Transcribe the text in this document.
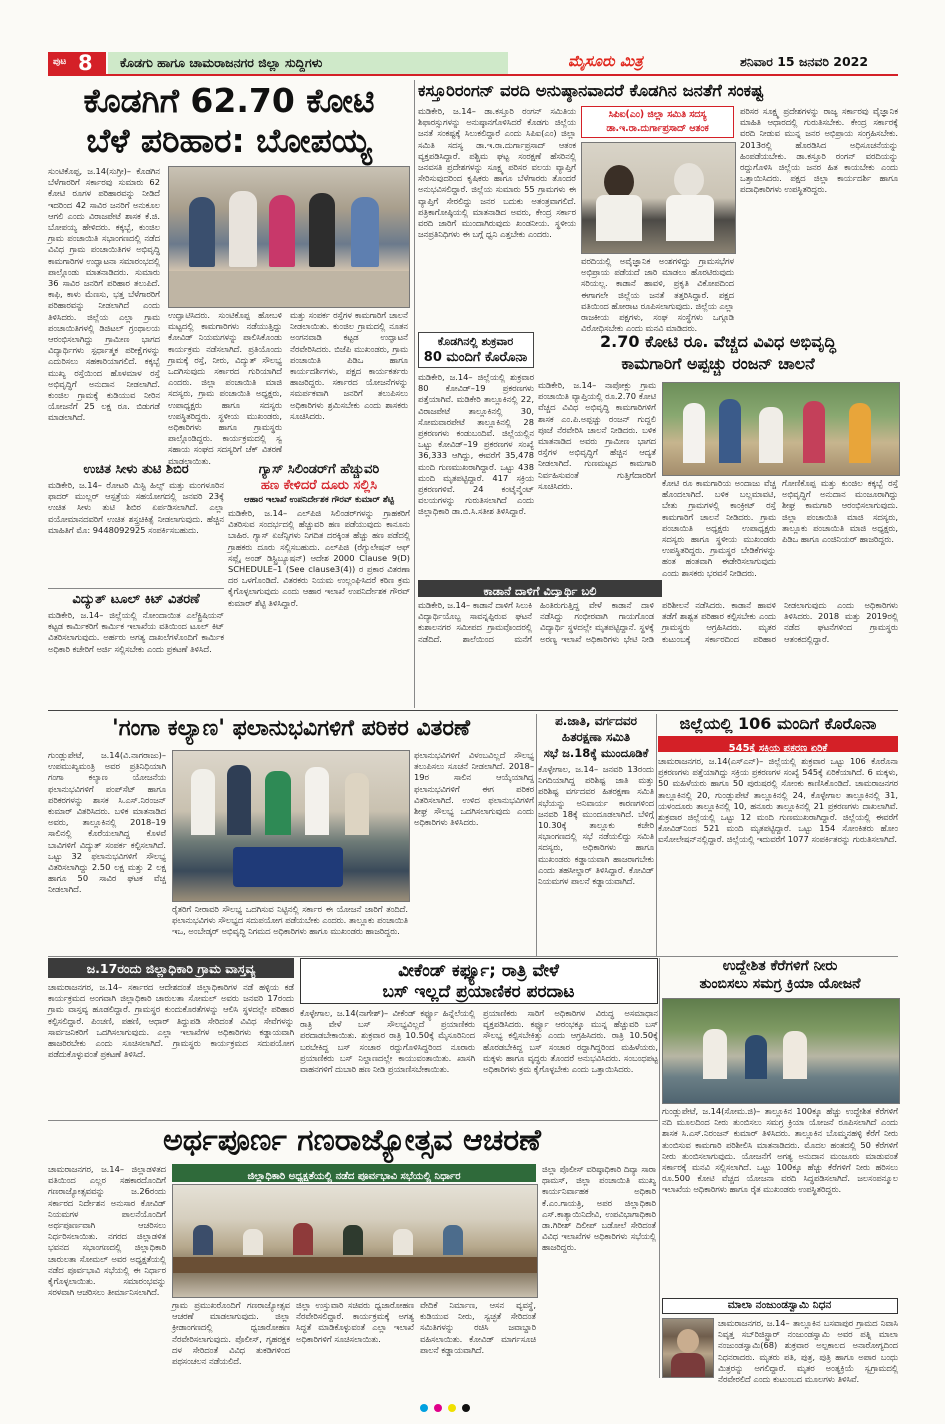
ಪುಟ 8 ಕೊಡಗು ಹಾಗೂ ಚಾಮರಾಜನಗರ ಜಿಲ್ಲಾ ಸುದ್ದಿಗಳು	ಮೈಸೂರು ಮಿತ್ರ	ಶನಿವಾರ 15 ಜನವರಿ 2022
ಕೊಡಗಿಗೆ 62.70 ಕೋಟಿ
ಬೆಳೆ ಪರಿಹಾರ: ಬೋಪಯ್ಯ
ಸುಂಟಿಕೊಪ್ಪ, ಜ.14(ಸುಗ್ರೀ)– ಕೊಡಗಿನ ಬೆಳೆಗಾರರಿಗೆ ಸರ್ಕಾರವು ಸುಮಾರು 62 ಕೋಟಿ ರೂಗಳ ಪರಿಹಾರವನ್ನು ನೀಡಿದೆ ಇದರಿಂದ 42 ಸಾವಿರ ಜನರಿಗೆ ಅನುಕೂಲ ಆಗಲಿ ಎಂದು ವಿರಾಜಪೇಟೆ ಶಾಸಕ ಕೆ.ಜಿ. ಬೋಪಯ್ಯ ಹೇಳಿದರು. ಕಕ್ಕಬ್ಬೆ, ಕುಂಜಿಲ ಗ್ರಾಮ ಪಂಚಾಯಿತಿ ಸಭಾಂಗಣದಲ್ಲಿ ನಡೆದ ವಿವಿಧ ಗ್ರಾಮ ಪಂಚಾಯಿತಿಗಳ ಅಭಿವೃದ್ಧಿ ಕಾಮಗಾರಿಗಳ ಉದ್ಘಾಟನಾ ಸಮಾರಂಭದಲ್ಲಿ ಪಾಲ್ಗೊಂಡು ಮಾತನಾಡಿದರು. ಸುಮಾರು 36 ಸಾವಿರ ಜನರಿಗೆ ಪರಿಹಾರ ತಲುಪಿದೆ. ಕಾಫಿ, ಕಾಳು ಮೆಣಸು, ಭತ್ತ ಬೆಳೆಗಾರರಿಗೆ ಪರಿಹಾರವನ್ನು ನೀಡಲಾಗಿದೆ ಎಂದು ತಿಳಿಸಿದರು. ಜಿಲ್ಲೆಯ ಎಲ್ಲಾ ಗ್ರಾಮ ಪಂಚಾಯಿತಿಗಳಲ್ಲಿ ಡಿಜಿಟಲ್ ಗ್ರಂಥಾಲಯ ಆರಂಭಿಸಲಾಗಿದ್ದು ಗ್ರಾಮೀಣ ಭಾಗದ ವಿದ್ಯಾರ್ಥಿಗಳು ಸ್ಪರ್ಧಾತ್ಮಕ ಪರೀಕ್ಷೆಗಳನ್ನು ಎದುರಿಸಲು ಸಹಕಾರಿಯಾಗಲಿದೆ. ಕಕ್ಕಬ್ಬೆ ಮುಖ್ಯ ರಸ್ತೆಯಿಂದ ಹೊಳಮಾಳ ರಸ್ತೆ ಅಭಿವೃದ್ಧಿಗೆ ಅನುದಾನ ನೀಡಲಾಗಿದೆ. ಕುಂಜಿಲ ಗ್ರಾಮಕ್ಕೆ ಕುಡಿಯುವ ನೀರಿನ ಯೋಜನೆಗೆ 25 ಲಕ್ಷ ರೂ. ಬಿಡುಗಡೆ ಮಾಡಲಾಗಿದೆ.
ಉದ್ಘಾಟಿಸಿದರು. ಸುಂಟಿಕೊಪ್ಪ ಹೋಬಳಿ ಮಟ್ಟದಲ್ಲಿ ಕಾಮಗಾರಿಗಳು ನಡೆಯುತ್ತಿದ್ದು ಕೋವಿಡ್ ನಿಯಮಗಳನ್ನು ಪಾಲಿಸಿಕೊಂಡು ಕಾರ್ಯಕ್ರಮ ನಡೆಸಲಾಗಿದೆ. ಪ್ರತಿಯೊಂದು ಗ್ರಾಮಕ್ಕೆ ರಸ್ತೆ, ನೀರು, ವಿದ್ಯುತ್ ಸೌಲಭ್ಯ ಒದಗಿಸುವುದು ಸರ್ಕಾರದ ಗುರಿಯಾಗಿದೆ ಎಂದರು. ಜಿಲ್ಲಾ ಪಂಚಾಯಿತಿ ಮಾಜಿ ಸದಸ್ಯರು, ಗ್ರಾಮ ಪಂಚಾಯಿತಿ ಅಧ್ಯಕ್ಷರು, ಉಪಾಧ್ಯಕ್ಷರು ಹಾಗೂ ಸದಸ್ಯರು ಉಪಸ್ಥಿತರಿದ್ದರು. ಸ್ಥಳೀಯ ಮುಖಂಡರು, ಅಧಿಕಾರಿಗಳು ಹಾಗೂ ಗ್ರಾಮಸ್ಥರು ಪಾಲ್ಗೊಂಡಿದ್ದರು. ಕಾರ್ಯಕ್ರಮದಲ್ಲಿ ಸ್ವ ಸಹಾಯ ಸಂಘದ ಸದಸ್ಯರಿಗೆ ಚೆಕ್ ವಿತರಣೆ ಮಾಡಲಾಯಿತು.
ಮತ್ತು ಸಂಪರ್ಕ ರಸ್ತೆಗಳ ಕಾಮಗಾರಿಗೆ ಚಾಲನೆ ನೀಡಲಾಯಿತು. ಕುಂಜಿಲ ಗ್ರಾಮದಲ್ಲಿ ನೂತನ ಅಂಗನವಾಡಿ ಕಟ್ಟಡ ಉದ್ಘಾಟನೆ ನೆರವೇರಿಸಿದರು. ಬಿಜೆಪಿ ಮುಖಂಡರು, ಗ್ರಾಮ ಪಂಚಾಯಿತಿ ಪಿಡಿಒ ಹಾಗೂ ಕಾರ್ಯದರ್ಶಿಗಳು, ಪಕ್ಷದ ಕಾರ್ಯಕರ್ತರು ಹಾಜರಿದ್ದರು. ಸರ್ಕಾರದ ಯೋಜನೆಗಳನ್ನು ಸಮರ್ಪಕವಾಗಿ ಜನರಿಗೆ ತಲುಪಿಸಲು ಅಧಿಕಾರಿಗಳು ಶ್ರಮಿಸಬೇಕು ಎಂದು ಶಾಸಕರು ಸೂಚಿಸಿದರು.
ಉಚಿತ ಸೀಳು ತುಟಿ ಶಿಬಿರ
ಮಡಿಕೇರಿ, ಜ.14– ರೋಟರಿ ಮಿಸ್ಟಿ ಹಿಲ್ಸ್ ಮತ್ತು ಮಂಗಳೂರಿನ ಫಾದರ್ ಮುಲ್ಲರ್ ಆಸ್ಪತ್ರೆಯ ಸಹಯೋಗದಲ್ಲಿ ಜನವರಿ 23ಕ್ಕೆ ಉಚಿತ ಸೀಳು ತುಟಿ ಶಿಬಿರ ಏರ್ಪಡಿಸಲಾಗಿದೆ. ಎಲ್ಲಾ ವಯೋಮಾನದವರಿಗೆ ಉಚಿತ ಶಸ್ತ್ರಚಿಕಿತ್ಸೆ ನೀಡಲಾಗುವುದು. ಹೆಚ್ಚಿನ ಮಾಹಿತಿಗೆ ಮೊ: 9448092925 ಸಂಪರ್ಕಿಸಬಹುದು.
ವಿದ್ಯುತ್ ಟೂಲ್ ಕಿಟ್ ವಿತರಣೆ
ಮಡಿಕೇರಿ, ಜ.14– ಜಿಲ್ಲೆಯಲ್ಲಿ ನೋಂದಾಯಿತ ಎಲೆಕ್ಟ್ರಿಷಿಯನ್ ಕಟ್ಟಡ ಕಾರ್ಮಿಕರಿಗೆ ಕಾರ್ಮಿಕ ಇಲಾಖೆಯ ವತಿಯಿಂದ ಟೂಲ್ ಕಿಟ್ ವಿತರಿಸಲಾಗುವುದು. ಅರ್ಹರು ಅಗತ್ಯ ದಾಖಲೆಗಳೊಂದಿಗೆ ಕಾರ್ಮಿಕ ಅಧಿಕಾರಿ ಕಚೇರಿಗೆ ಅರ್ಜಿ ಸಲ್ಲಿಸಬೇಕು ಎಂದು ಪ್ರಕಟಣೆ ತಿಳಿಸಿದೆ.
ಗ್ಯಾಸ್ ಸಿಲಿಂಡರ್‌ಗೆ ಹೆಚ್ಚುವರಿ
ಹಣ ಕೇಳಿದರೆ ದೂರು ಸಲ್ಲಿಸಿ
ಆಹಾರ ಇಲಾಖೆ ಉಪನಿರ್ದೇಶಕ ಗೌರವ್ ಕುಮಾರ್ ಶೆಟ್ಟಿ
ಮಡಿಕೇರಿ, ಜ.14– ಎಲ್‌ಪಿಜಿ ಸಿಲಿಂಡರ್‌ಗಳನ್ನು ಗ್ರಾಹಕರಿಗೆ ವಿತರಿಸುವ ಸಂದರ್ಭದಲ್ಲಿ ಹೆಚ್ಚುವರಿ ಹಣ ಪಡೆಯುವುದು ಕಾನೂನು ಬಾಹಿರ. ಗ್ಯಾಸ್ ಏಜೆನ್ಸಿಗಳು ನಿಗದಿತ ದರಕ್ಕಿಂತ ಹೆಚ್ಚು ಹಣ ಪಡೆದಲ್ಲಿ ಗ್ರಾಹಕರು ದೂರು ಸಲ್ಲಿಸಬಹುದು. ಎಲ್‌ಪಿಜಿ (ರೆಗ್ಯುಲೇಷನ್ ಆಫ್ ಸಪ್ಲೈ ಅಂಡ್ ಡಿಸ್ಟ್ರಿಬ್ಯೂಷನ್) ಆದೇಶ 2000 Clause 9(D) SCHEDULE–1 (See clause3(4)) ರ ಪ್ರಕಾರ ವಿತರಣಾ ದರ ಒಳಗೊಂಡಿದೆ. ವಿತರಕರು ನಿಯಮ ಉಲ್ಲಂಘಿಸಿದರೆ ಕಠಿಣ ಕ್ರಮ ಕೈಗೊಳ್ಳಲಾಗುವುದು ಎಂದು ಆಹಾರ ಇಲಾಖೆ ಉಪನಿರ್ದೇಶಕ ಗೌರವ್ ಕುಮಾರ್ ಶೆಟ್ಟಿ ತಿಳಿಸಿದ್ದಾರೆ.
ಕಸ್ತೂರಿರಂಗನ್ ವರದಿ ಅನುಷ್ಠಾನವಾದರೆ ಕೊಡಗಿನ ಜನತೆಗೆ ಸಂಕಷ್ಟ
ಮಡಿಕೇರಿ, ಜ.14– ಡಾ.ಕಸ್ತೂರಿ ರಂಗನ್ ಸಮಿತಿಯ ಶಿಫಾರಸ್ಸುಗಳನ್ನು ಅನುಷ್ಠಾನಗೊಳಿಸಿದರೆ ಕೊಡಗು ಜಿಲ್ಲೆಯ ಜನತೆ ಸಂಕಷ್ಟಕ್ಕೆ ಸಿಲುಕಲಿದ್ದಾರೆ ಎಂದು ಸಿಪಿಐ(ಎಂ) ಜಿಲ್ಲಾ ಸಮಿತಿ ಸದಸ್ಯ ಡಾ.ಇ.ರಾ.ದುರ್ಗಾಪ್ರಸಾದ್ ಆತಂಕ ವ್ಯಕ್ತಪಡಿಸಿದ್ದಾರೆ. ಪಶ್ಚಿಮ ಘಟ್ಟ ಸಂರಕ್ಷಣೆ ಹೆಸರಿನಲ್ಲಿ ಜನವಸತಿ ಪ್ರದೇಶಗಳನ್ನು ಸೂಕ್ಷ್ಮ ಪರಿಸರ ವಲಯ ವ್ಯಾಪ್ತಿಗೆ ಸೇರಿಸುವುದರಿಂದ ಕೃಷಿಕರು ಹಾಗೂ ಬೆಳೆಗಾರರು ತೊಂದರೆ ಅನುಭವಿಸಲಿದ್ದಾರೆ. ಜಿಲ್ಲೆಯ ಸುಮಾರು 55 ಗ್ರಾಮಗಳು ಈ ವ್ಯಾಪ್ತಿಗೆ ಸೇರಲಿದ್ದು ಜನರ ಬದುಕು ಅತಂತ್ರವಾಗಲಿದೆ. ಪತ್ರಿಕಾಗೋಷ್ಠಿಯಲ್ಲಿ ಮಾತನಾಡಿದ ಅವರು, ಕೇಂದ್ರ ಸರ್ಕಾರ ವರದಿ ಜಾರಿಗೆ ಮುಂದಾಗಿರುವುದು ಖಂಡನೀಯ. ಸ್ಥಳೀಯ ಜನಪ್ರತಿನಿಧಿಗಳು ಈ ಬಗ್ಗೆ ಧ್ವನಿ ಎತ್ತಬೇಕು ಎಂದರು.
ಸಿಪಿಐ(ಎಂ) ಜಿಲ್ಲಾ ಸಮಿತಿ ಸದಸ್ಯ ಡಾ.ಇ.ರಾ.ದುರ್ಗಾಪ್ರಸಾದ್ ಆತಂಕ
ವರದಿಯಲ್ಲಿ ಅವೈಜ್ಞಾನಿಕ ಅಂಶಗಳಿದ್ದು ಗ್ರಾಮಸಭೆಗಳ ಅಭಿಪ್ರಾಯ ಪಡೆಯದೆ ಜಾರಿ ಮಾಡಲು ಹೊರಟಿರುವುದು ಸರಿಯಲ್ಲ. ಕಾಡಾನೆ ಹಾವಳಿ, ಪ್ರಕೃತಿ ವಿಕೋಪದಿಂದ ಈಗಾಗಲೇ ಜಿಲ್ಲೆಯ ಜನತೆ ತತ್ತರಿಸಿದ್ದಾರೆ. ಪಕ್ಷದ ವತಿಯಿಂದ ಹೋರಾಟ ರೂಪಿಸಲಾಗುವುದು. ಜಿಲ್ಲೆಯ ಎಲ್ಲಾ ರಾಜಕೀಯ ಪಕ್ಷಗಳು, ಸಂಘ ಸಂಸ್ಥೆಗಳು ಒಗ್ಗೂಡಿ ವಿರೋಧಿಸಬೇಕು ಎಂದು ಮನವಿ ಮಾಡಿದರು.
ಪರಿಸರ ಸೂಕ್ಷ್ಮ ಪ್ರದೇಶಗಳನ್ನು ರಾಜ್ಯ ಸರ್ಕಾರವು ವೈಜ್ಞಾನಿಕ ಮಾಹಿತಿ ಆಧಾರದಲ್ಲಿ ಗುರುತಿಸಬೇಕು. ಕೇಂದ್ರ ಸರ್ಕಾರಕ್ಕೆ ವರದಿ ನೀಡುವ ಮುನ್ನ ಜನರ ಅಭಿಪ್ರಾಯ ಸಂಗ್ರಹಿಸಬೇಕು. 2013ರಲ್ಲಿ ಹೊರಡಿಸಿದ ಅಧಿಸೂಚನೆಯನ್ನು ಹಿಂಪಡೆಯಬೇಕು. ಡಾ.ಕಸ್ತೂರಿ ರಂಗನ್ ವರದಿಯನ್ನು ರದ್ದುಗೊಳಿಸಿ ಜಿಲ್ಲೆಯ ಜನರ ಹಿತ ಕಾಯಬೇಕು ಎಂದು ಒತ್ತಾಯಿಸಿದರು. ಪಕ್ಷದ ಜಿಲ್ಲಾ ಕಾರ್ಯದರ್ಶಿ ಹಾಗೂ ಪದಾಧಿಕಾರಿಗಳು ಉಪಸ್ಥಿತರಿದ್ದರು.
ಕೊಡಗಿನಲ್ಲಿ ಶುಕ್ರವಾರ
80 ಮಂದಿಗೆ ಕೊರೊನಾ
ಮಡಿಕೇರಿ, ಜ.14– ಜಿಲ್ಲೆಯಲ್ಲಿ ಶುಕ್ರವಾರ 80 ಕೋವಿಡ್–19 ಪ್ರಕರಣಗಳು ಪತ್ತೆಯಾಗಿವೆ. ಮಡಿಕೇರಿ ತಾಲ್ಲೂಕಿನಲ್ಲಿ 22, ವಿರಾಜಪೇಟೆ ತಾಲ್ಲೂಕಿನಲ್ಲಿ 30, ಸೋಮವಾರಪೇಟೆ ತಾಲ್ಲೂಕಿನಲ್ಲಿ 28 ಪ್ರಕರಣಗಳು ಕಂಡುಬಂದಿವೆ. ಜಿಲ್ಲೆಯಲ್ಲಿನ ಒಟ್ಟು ಕೋವಿಡ್–19 ಪ್ರಕರಣಗಳ ಸಂಖ್ಯೆ 36,333 ಆಗಿದ್ದು, ಈವರೆಗೆ 35,478 ಮಂದಿ ಗುಣಮುಖರಾಗಿದ್ದಾರೆ. ಒಟ್ಟು 438 ಮಂದಿ ಮೃತಪಟ್ಟಿದ್ದಾರೆ. 417 ಸಕ್ರಿಯ ಪ್ರಕರಣಗಳಿವೆ. 24 ಕಂಟೈನ್ಮೆಂಟ್ ವಲಯಗಳನ್ನು ಗುರುತಿಸಲಾಗಿದೆ ಎಂದು ಜಿಲ್ಲಾಧಿಕಾರಿ ಡಾ.ಬಿ.ಸಿ.ಸತೀಶ ತಿಳಿಸಿದ್ದಾರೆ.
2.70 ಕೋಟಿ ರೂ. ವೆಚ್ಚದ ವಿವಿಧ ಅಭಿವೃದ್ಧಿ
ಕಾಮಗಾರಿಗೆ ಅಪ್ಪಚ್ಚು ರಂಜನ್ ಚಾಲನೆ
ಮಡಿಕೇರಿ, ಜ.14– ನಾಪೋಕ್ಲು ಗ್ರಾಮ ಪಂಚಾಯಿತಿ ವ್ಯಾಪ್ತಿಯಲ್ಲಿ ರೂ.2.70 ಕೋಟಿ ವೆಚ್ಚದ ವಿವಿಧ ಅಭಿವೃದ್ಧಿ ಕಾಮಗಾರಿಗಳಿಗೆ ಶಾಸಕ ಎಂ.ಪಿ.ಅಪ್ಪಚ್ಚು ರಂಜನ್ ಗುದ್ದಲಿ ಪೂಜೆ ನೆರವೇರಿಸಿ ಚಾಲನೆ ನೀಡಿದರು. ಬಳಿಕ ಮಾತನಾಡಿದ ಅವರು ಗ್ರಾಮೀಣ ಭಾಗದ ರಸ್ತೆಗಳ ಅಭಿವೃದ್ಧಿಗೆ ಹೆಚ್ಚಿನ ಆದ್ಯತೆ ನೀಡಲಾಗಿದೆ. ಗುಣಮಟ್ಟದ ಕಾಮಗಾರಿ ನಿರ್ವಹಿಸುವಂತೆ ಗುತ್ತಿಗೆದಾರರಿಗೆ ಸೂಚಿಸಿದರು.	ಕೋಟಿ ರೂ ಕಾಮಗಾರಿಯ ಅಂದಾಜು ವೆಚ್ಚ ಹೊಂದಲಾಗಿದೆ. ಬಳಿಕ ಬಲ್ಲಮಾವಟಿ, ಬೇತು ಗ್ರಾಮಗಳಲ್ಲಿ ಕಾಂಕ್ರೀಟ್ ರಸ್ತೆ ಕಾಮಗಾರಿಗೆ ಚಾಲನೆ ನೀಡಿದರು. ಗ್ರಾಮ ಪಂಚಾಯಿತಿ ಅಧ್ಯಕ್ಷರು ಉಪಾಧ್ಯಕ್ಷರು ಸದಸ್ಯರು ಹಾಗೂ ಸ್ಥಳೀಯ ಮುಖಂಡರು ಉಪಸ್ಥಿತರಿದ್ದರು. ಗ್ರಾಮಸ್ಥರ ಬೇಡಿಕೆಗಳನ್ನು ಹಂತ ಹಂತವಾಗಿ ಈಡೇರಿಸಲಾಗುವುದು ಎಂದು ಶಾಸಕರು ಭರವಸೆ ನೀಡಿದರು.
ಗೋಣಿಕೊಪ್ಪ ಮತ್ತು ಕುಂಜಿಲ ಕಕ್ಕಬ್ಬೆ ರಸ್ತೆ ಅಭಿವೃದ್ಧಿಗೆ ಅನುದಾನ ಮಂಜೂರಾಗಿದ್ದು ಶೀಘ್ರ ಕಾಮಗಾರಿ ಆರಂಭಿಸಲಾಗುವುದು. ಜಿಲ್ಲಾ ಪಂಚಾಯಿತಿ ಮಾಜಿ ಸದಸ್ಯರು, ತಾಲ್ಲೂಕು ಪಂಚಾಯಿತಿ ಮಾಜಿ ಅಧ್ಯಕ್ಷರು, ಪಿಡಿಒ ಹಾಗೂ ಎಂಜಿನಿಯರ್ ಹಾಜರಿದ್ದರು.
ಕಾಡಾನೆ ದಾಳಿಗೆ ವಿದ್ಯಾರ್ಥಿ ಬಲಿ
ಮಡಿಕೇರಿ, ಜ.14– ಕಾಡಾನೆ ದಾಳಿಗೆ ಸಿಲುಕಿ ವಿದ್ಯಾರ್ಥಿಯೊಬ್ಬ ಸಾವನ್ನಪ್ಪಿರುವ ಘಟನೆ ಕುಶಾಲನಗರ ಸಮೀಪದ ಗ್ರಾಮವೊಂದರಲ್ಲಿ ನಡೆದಿದೆ. ಶಾಲೆಯಿಂದ ಮನೆಗೆ ಹಿಂತಿರುಗುತ್ತಿದ್ದ ವೇಳೆ ಕಾಡಾನೆ ದಾಳಿ ನಡೆಸಿದ್ದು ಗಂಭೀರವಾಗಿ ಗಾಯಗೊಂಡ ವಿದ್ಯಾರ್ಥಿ ಸ್ಥಳದಲ್ಲೇ ಮೃತಪಟ್ಟಿದ್ದಾನೆ. ಸ್ಥಳಕ್ಕೆ ಅರಣ್ಯ ಇಲಾಖೆ ಅಧಿಕಾರಿಗಳು ಭೇಟಿ ನೀಡಿ ಪರಿಶೀಲನೆ ನಡೆಸಿದರು. ಕಾಡಾನೆ ಹಾವಳಿ ತಡೆಗೆ ಶಾಶ್ವತ ಪರಿಹಾರ ಕಲ್ಪಿಸಬೇಕು ಎಂದು ಗ್ರಾಮಸ್ಥರು ಆಗ್ರಹಿಸಿದರು. ಮೃತರ ಕುಟುಂಬಕ್ಕೆ ಸರ್ಕಾರದಿಂದ ಪರಿಹಾರ ನೀಡಲಾಗುವುದು ಎಂದು ಅಧಿಕಾರಿಗಳು ತಿಳಿಸಿದರು. 2018 ಮತ್ತು 2019ರಲ್ಲಿ ನಡೆದ ಘಟನೆಗಳಿಂದ ಗ್ರಾಮಸ್ಥರು ಆತಂಕದಲ್ಲಿದ್ದಾರೆ.
'ಗಂಗಾ ಕಲ್ಯಾಣ' ಫಲಾನುಭವಿಗಳಿಗೆ ಪರಿಕರ ವಿತರಣೆ
ಗುಂಡ್ಲುಪೇಟೆ, ಜ.14(ವಿ.ನಾಗರಾಜು)– ಉಪಮುಖ್ಯಮಂತ್ರಿ ಅವರ ಪ್ರತಿನಿಧಿಯಾಗಿ ಗಂಗಾ ಕಲ್ಯಾಣ ಯೋಜನೆಯ ಫಲಾನುಭವಿಗಳಿಗೆ ಪಂಪ್‌ಸೆಟ್ ಹಾಗೂ ಪರಿಕರಗಳನ್ನು ಶಾಸಕ ಸಿ.ಎಸ್.ನಿರಂಜನ್ ಕುಮಾರ್ ವಿತರಿಸಿದರು. ಬಳಿಕ ಮಾತನಾಡಿದ ಅವರು, ತಾಲ್ಲೂಕಿನಲ್ಲಿ 2018–19 ಸಾಲಿನಲ್ಲಿ ಕೊರೆಯಲಾಗಿದ್ದ ಕೊಳವೆ ಬಾವಿಗಳಿಗೆ ವಿದ್ಯುತ್ ಸಂಪರ್ಕ ಕಲ್ಪಿಸಲಾಗಿದೆ. ಒಟ್ಟು 32 ಫಲಾನುಭವಿಗಳಿಗೆ ಸೌಲಭ್ಯ ವಿತರಿಸಲಾಗಿದ್ದು 2.50 ಲಕ್ಷ ಮತ್ತು 2 ಲಕ್ಷ ಹಾಗೂ 50 ಸಾವಿರ ಘಟಕ ವೆಚ್ಚ ನೀಡಲಾಗಿದೆ.
ರೈತರಿಗೆ ನೀರಾವರಿ ಸೌಲಭ್ಯ ಒದಗಿಸುವ ನಿಟ್ಟಿನಲ್ಲಿ ಸರ್ಕಾರ ಈ ಯೋಜನೆ ಜಾರಿಗೆ ತಂದಿದೆ. ಫಲಾನುಭವಿಗಳು ಸೌಲಭ್ಯದ ಸದುಪಯೋಗ ಪಡೆಯಬೇಕು ಎಂದರು. ತಾಲ್ಲೂಕು ಪಂಚಾಯಿತಿ ಇಒ, ಅಂಬೇಡ್ಕರ್ ಅಭಿವೃದ್ಧಿ ನಿಗಮದ ಅಧಿಕಾರಿಗಳು ಹಾಗೂ ಮುಖಂಡರು ಹಾಜರಿದ್ದರು.
ಫಲಾನುಭವಿಗಳಿಗೆ ವಿಳಂಬವಿಲ್ಲದೆ ಸೌಲಭ್ಯ ತಲುಪಿಸಲು ಸೂಚನೆ ನೀಡಲಾಗಿದೆ. 2018–19ರ ಸಾಲಿನ ಆಯ್ಕೆಯಾಗಿದ್ದ ಫಲಾನುಭವಿಗಳಿಗೆ ಈಗ ಪರಿಕರ ವಿತರಿಸಲಾಗಿದೆ. ಉಳಿದ ಫಲಾನುಭವಿಗಳಿಗೆ ಶೀಘ್ರ ಸೌಲಭ್ಯ ಒದಗಿಸಲಾಗುವುದು ಎಂದು ಅಧಿಕಾರಿಗಳು ತಿಳಿಸಿದರು.
ಪ.ಜಾತಿ, ವರ್ಗದವರ
ಹಿತರಕ್ಷಣಾ ಸಮಿತಿ
ಸಭೆ ಜ.18ಕ್ಕೆ ಮುಂದೂಡಿಕೆ
ಕೊಳ್ಳೇಗಾಲ, ಜ.14– ಜನವರಿ 13ರಂದು ನಿಗದಿಯಾಗಿದ್ದ ಪರಿಶಿಷ್ಟ ಜಾತಿ ಮತ್ತು ಪರಿಶಿಷ್ಟ ವರ್ಗದವರ ಹಿತರಕ್ಷಣಾ ಸಮಿತಿ ಸಭೆಯನ್ನು ಅನಿವಾರ್ಯ ಕಾರಣಗಳಿಂದ ಜನವರಿ 18ಕ್ಕೆ ಮುಂದೂಡಲಾಗಿದೆ. ಬೆಳಿಗ್ಗೆ 10.30ಕ್ಕೆ ತಾಲ್ಲೂಕು ಕಚೇರಿ ಸಭಾಂಗಣದಲ್ಲಿ ಸಭೆ ನಡೆಯಲಿದ್ದು ಸಮಿತಿ ಸದಸ್ಯರು, ಅಧಿಕಾರಿಗಳು ಹಾಗೂ ಮುಖಂಡರು ಕಡ್ಡಾಯವಾಗಿ ಹಾಜರಾಗಬೇಕು ಎಂದು ತಹಸೀಲ್ದಾರ್ ತಿಳಿಸಿದ್ದಾರೆ. ಕೋವಿಡ್ ನಿಯಮಗಳ ಪಾಲನೆ ಕಡ್ಡಾಯವಾಗಿದೆ.
ಜಿಲ್ಲೆಯಲ್ಲಿ 106 ಮಂದಿಗೆ ಕೊರೊನಾ
545ಕ್ಕೆ ಸಕ್ರಿಯ ಪ್ರಕರಣ ಏರಿಕೆ
ಚಾಮರಾಜನಗರ, ಜ.14(ಎಸ್‌ಎನ್)– ಜಿಲ್ಲೆಯಲ್ಲಿ ಶುಕ್ರವಾರ ಒಟ್ಟು 106 ಕೊರೊನಾ ಪ್ರಕರಣಗಳು ಪತ್ತೆಯಾಗಿದ್ದು ಸಕ್ರಿಯ ಪ್ರಕರಣಗಳ ಸಂಖ್ಯೆ 545ಕ್ಕೆ ಏರಿಕೆಯಾಗಿದೆ. 6 ಮಕ್ಕಳು, 50 ಮಹಿಳೆಯರು ಹಾಗೂ 50 ಪುರುಷರಲ್ಲಿ ಸೋಂಕು ಕಾಣಿಸಿಕೊಂಡಿದೆ. ಚಾಮರಾಜನಗರ ತಾಲ್ಲೂಕಿನಲ್ಲಿ 20, ಗುಂಡ್ಲುಪೇಟೆ ತಾಲ್ಲೂಕಿನಲ್ಲಿ 24, ಕೊಳ್ಳೇಗಾಲ ತಾಲ್ಲೂಕಿನಲ್ಲಿ 31, ಯಳಂದೂರು ತಾಲ್ಲೂಕಿನಲ್ಲಿ 10, ಹನೂರು ತಾಲ್ಲೂಕಿನಲ್ಲಿ 21 ಪ್ರಕರಣಗಳು ದಾಖಲಾಗಿವೆ. ಶುಕ್ರವಾರ ಜಿಲ್ಲೆಯಲ್ಲಿ ಒಟ್ಟು 12 ಮಂದಿ ಗುಣಮುಖರಾಗಿದ್ದಾರೆ. ಜಿಲ್ಲೆಯಲ್ಲಿ ಈವರೆಗೆ ಕೋವಿಡ್‌ನಿಂದ 521 ಮಂದಿ ಮೃತಪಟ್ಟಿದ್ದಾರೆ. ಒಟ್ಟು 154 ಸೋಂಕಿತರು ಹೋಂ ಐಸೋಲೇಷನ್‌ನಲ್ಲಿದ್ದಾರೆ. ಜಿಲ್ಲೆಯಲ್ಲಿ ಇದುವರೆಗೆ 1077 ಸಂಪರ್ಕಿತರನ್ನು ಗುರುತಿಸಲಾಗಿದೆ.
ಜ.17ರಂದು ಜಿಲ್ಲಾಧಿಕಾರಿ ಗ್ರಾಮ ವಾಸ್ತವ್ಯ
ಚಾಮರಾಜನಗರ, ಜ.14– ಸರ್ಕಾರದ ಆದೇಶದಂತೆ ಜಿಲ್ಲಾಧಿಕಾರಿಗಳ ನಡೆ ಹಳ್ಳಿಯ ಕಡೆ ಕಾರ್ಯಕ್ರಮದ ಅಂಗವಾಗಿ ಜಿಲ್ಲಾಧಿಕಾರಿ ಚಾರುಲತಾ ಸೋಮಲ್ ಅವರು ಜನವರಿ 17ರಂದು ಗ್ರಾಮ ವಾಸ್ತವ್ಯ ಹೂಡಲಿದ್ದಾರೆ. ಗ್ರಾಮಸ್ಥರ ಕುಂದುಕೊರತೆಗಳನ್ನು ಆಲಿಸಿ ಸ್ಥಳದಲ್ಲೇ ಪರಿಹಾರ ಕಲ್ಪಿಸಲಿದ್ದಾರೆ. ಪಿಂಚಣಿ, ಪಹಣಿ, ಆಧಾರ್ ತಿದ್ದುಪಡಿ ಸೇರಿದಂತೆ ವಿವಿಧ ಸೇವೆಗಳನ್ನು ಸಾರ್ವಜನಿಕರಿಗೆ ಒದಗಿಸಲಾಗುವುದು. ಎಲ್ಲಾ ಇಲಾಖೆಗಳ ಅಧಿಕಾರಿಗಳು ಕಡ್ಡಾಯವಾಗಿ ಹಾಜರಿರಬೇಕು ಎಂದು ಸೂಚಿಸಲಾಗಿದೆ. ಗ್ರಾಮಸ್ಥರು ಕಾರ್ಯಕ್ರಮದ ಸದುಪಯೋಗ ಪಡೆದುಕೊಳ್ಳುವಂತೆ ಪ್ರಕಟಣೆ ತಿಳಿಸಿದೆ.
ವೀಕೆಂಡ್ ಕರ್ಫ್ಯೂ; ರಾತ್ರಿ ವೇಳೆ
ಬಸ್ ಇಲ್ಲದೆ ಪ್ರಯಾಣಿಕರ ಪರದಾಟ
ಕೊಳ್ಳೇಗಾಲ, ಜ.14(ನಾಗೇಶ್)– ವೀಕೆಂಡ್ ಕರ್ಫ್ಯೂ ಹಿನ್ನೆಲೆಯಲ್ಲಿ ರಾತ್ರಿ ವೇಳೆ ಬಸ್ ಸೌಲಭ್ಯವಿಲ್ಲದೆ ಪ್ರಯಾಣಿಕರು ಪರದಾಡಬೇಕಾಯಿತು. ಶುಕ್ರವಾರ ರಾತ್ರಿ 10.50ಕ್ಕೆ ಮೈಸೂರಿನಿಂದ ಬರಬೇಕಿದ್ದ ಬಸ್ ಸಂಚಾರ ರದ್ದುಗೊಳಿಸಿದ್ದರಿಂದ ನೂರಾರು ಪ್ರಯಾಣಿಕರು ಬಸ್ ನಿಲ್ದಾಣದಲ್ಲೇ ಕಾಯುವಂತಾಯಿತು. ಖಾಸಗಿ ವಾಹನಗಳಿಗೆ ದುಬಾರಿ ಹಣ ನೀಡಿ ಪ್ರಯಾಣಿಸಬೇಕಾಯಿತು.
ಪ್ರಯಾಣಿಕರು ಸಾರಿಗೆ ಅಧಿಕಾರಿಗಳ ವಿರುದ್ಧ ಅಸಮಾಧಾನ ವ್ಯಕ್ತಪಡಿಸಿದರು. ಕರ್ಫ್ಯೂ ಆರಂಭಕ್ಕೂ ಮುನ್ನ ಹೆಚ್ಚುವರಿ ಬಸ್ ಸೌಲಭ್ಯ ಕಲ್ಪಿಸಬೇಕಿತ್ತು ಎಂದು ಆಗ್ರಹಿಸಿದರು. ರಾತ್ರಿ 10.50ಕ್ಕೆ ಹೊರಡಬೇಕಿದ್ದ ಬಸ್ ಸಂಚಾರ ರದ್ದಾಗಿದ್ದರಿಂದ ಮಹಿಳೆಯರು, ಮಕ್ಕಳು ಹಾಗೂ ವೃದ್ಧರು ತೊಂದರೆ ಅನುಭವಿಸಿದರು. ಸಂಬಂಧಪಟ್ಟ ಅಧಿಕಾರಿಗಳು ಕ್ರಮ ಕೈಗೊಳ್ಳಬೇಕು ಎಂದು ಒತ್ತಾಯಿಸಿದರು.
ಉದ್ದೇಶಿತ ಕೆರೆಗಳಿಗೆ ನೀರು
ತುಂಬಿಸಲು ಸಮಗ್ರ ಕ್ರಿಯಾ ಯೋಜನೆ
ಗುಂಡ್ಲುಪೇಟೆ, ಜ.14(ಸೋಮ.ಜಿ)– ತಾಲ್ಲೂಕಿನ 100ಕ್ಕೂ ಹೆಚ್ಚು ಉದ್ದೇಶಿತ ಕೆರೆಗಳಿಗೆ ನದಿ ಮೂಲದಿಂದ ನೀರು ತುಂಬಿಸಲು ಸಮಗ್ರ ಕ್ರಿಯಾ ಯೋಜನೆ ರೂಪಿಸಲಾಗಿದೆ ಎಂದು ಶಾಸಕ ಸಿ.ಎಸ್.ನಿರಂಜನ್ ಕುಮಾರ್ ತಿಳಿಸಿದರು. ತಾಲ್ಲೂಕಿನ ಬೊಮ್ಮನಹಳ್ಳಿ ಕೆರೆಗೆ ನೀರು ತುಂಬಿಸುವ ಕಾಮಗಾರಿ ಪರಿಶೀಲಿಸಿ ಮಾತನಾಡಿದರು. ಮೊದಲ ಹಂತದಲ್ಲಿ 50 ಕೆರೆಗಳಿಗೆ ನೀರು ತುಂಬಿಸಲಾಗುವುದು. ಯೋಜನೆಗೆ ಅಗತ್ಯ ಅನುದಾನ ಮಂಜೂರು ಮಾಡುವಂತೆ ಸರ್ಕಾರಕ್ಕೆ ಮನವಿ ಸಲ್ಲಿಸಲಾಗಿದೆ. ಒಟ್ಟು 100ಕ್ಕೂ ಹೆಚ್ಚು ಕೆರೆಗಳಿಗೆ ನೀರು ಹರಿಸಲು ರೂ.500 ಕೋಟಿ ವೆಚ್ಚದ ಯೋಜನಾ ವರದಿ ಸಿದ್ಧಪಡಿಸಲಾಗಿದೆ. ಜಲಸಂಪನ್ಮೂಲ ಇಲಾಖೆಯ ಅಧಿಕಾರಿಗಳು ಹಾಗೂ ರೈತ ಮುಖಂಡರು ಉಪಸ್ಥಿತರಿದ್ದರು.
ಅರ್ಥಪೂರ್ಣ ಗಣರಾಜ್ಯೋತ್ಸವ ಆಚರಣೆ
ಚಾಮರಾಜನಗರ, ಜ.14– ಜಿಲ್ಲಾಡಳಿತದ ವತಿಯಿಂದ ಎಲ್ಲರ ಸಹಕಾರದೊಂದಿಗೆ ಗಣರಾಜ್ಯೋತ್ಸವವನ್ನು ಜ.26ರಂದು ಸರ್ಕಾರದ ನಿರ್ದೇಶನ ಅನುಸಾರ ಕೋವಿಡ್ ನಿಯಮಗಳ ಪಾಲನೆಯೊಂದಿಗೆ ಅರ್ಥಪೂರ್ಣವಾಗಿ ಆಚರಿಸಲು ನಿರ್ಧರಿಸಲಾಯಿತು. ನಗರದ ಜಿಲ್ಲಾಡಳಿತ ಭವನದ ಸಭಾಂಗಣದಲ್ಲಿ ಜಿಲ್ಲಾಧಿಕಾರಿ ಚಾರುಲತಾ ಸೋಮಲ್ ಅವರ ಅಧ್ಯಕ್ಷತೆಯಲ್ಲಿ ನಡೆದ ಪೂರ್ವಭಾವಿ ಸಭೆಯಲ್ಲಿ ಈ ನಿರ್ಧಾರ ಕೈಗೊಳ್ಳಲಾಯಿತು. ಸಮಾರಂಭವನ್ನು ಸರಳವಾಗಿ ಆಚರಿಸಲು ತೀರ್ಮಾನಿಸಲಾಗಿದೆ.
ಜಿಲ್ಲಾಧಿಕಾರಿ ಅಧ್ಯಕ್ಷತೆಯಲ್ಲಿ ನಡೆದ ಪೂರ್ವಭಾವಿ ಸಭೆಯಲ್ಲಿ ನಿರ್ಧಾರ
ಗ್ರಾಮ ಪ್ರಮುಖರೊಂದಿಗೆ ಗಣರಾಜ್ಯೋತ್ಸವ ಆಚರಣೆ ಮಾಡಲಾಗುವುದು. ಜಿಲ್ಲಾ ಕ್ರೀಡಾಂಗಣದಲ್ಲಿ ಧ್ವಜಾರೋಹಣ ನೆರವೇರಿಸಲಾಗುವುದು. ಪೊಲೀಸ್, ಗೃಹರಕ್ಷಕ ದಳ ಸೇರಿದಂತೆ ವಿವಿಧ ತುಕಡಿಗಳಿಂದ ಪಥಸಂಚಲನ ನಡೆಯಲಿದೆ.
ಜಿಲ್ಲಾ ಉಸ್ತುವಾರಿ ಸಚಿವರು ಧ್ವಜಾರೋಹಣ ನೆರವೇರಿಸಲಿದ್ದಾರೆ. ಕಾರ್ಯಕ್ರಮಕ್ಕೆ ಅಗತ್ಯ ಸಿದ್ಧತೆ ಮಾಡಿಕೊಳ್ಳುವಂತೆ ಎಲ್ಲಾ ಇಲಾಖೆ ಅಧಿಕಾರಿಗಳಿಗೆ ಸೂಚಿಸಲಾಯಿತು.
ವೇದಿಕೆ ನಿರ್ಮಾಣ, ಆಸನ ವ್ಯವಸ್ಥೆ, ಕುಡಿಯುವ ನೀರು, ಸ್ವಚ್ಛತೆ ಸೇರಿದಂತೆ ಸಮಿತಿಗಳನ್ನು ರಚಿಸಿ ಜವಾಬ್ದಾರಿ ವಹಿಸಲಾಯಿತು. ಕೋವಿಡ್ ಮಾರ್ಗಸೂಚಿ ಪಾಲನೆ ಕಡ್ಡಾಯವಾಗಿದೆ.
ಜಿಲ್ಲಾ ಪೊಲೀಸ್ ವರಿಷ್ಠಾಧಿಕಾರಿ ದಿವ್ಯಾ ಸಾರಾ ಥಾಮಸ್, ಜಿಲ್ಲಾ ಪಂಚಾಯಿತಿ ಮುಖ್ಯ ಕಾರ್ಯನಿರ್ವಾಹಕ ಅಧಿಕಾರಿ ಕೆ.ಎಂ.ಗಾಯತ್ರಿ, ಅಪರ ಜಿಲ್ಲಾಧಿಕಾರಿ ಎಸ್.ಕಾತ್ಯಾಯಿನಿದೇವಿ, ಉಪವಿಭಾಗಾಧಿಕಾರಿ ಡಾ.ಗಿರೀಶ್ ದಿಲೀಪ್ ಬಡೋಲೆ ಸೇರಿದಂತೆ ವಿವಿಧ ಇಲಾಖೆಗಳ ಅಧಿಕಾರಿಗಳು ಸಭೆಯಲ್ಲಿ ಹಾಜರಿದ್ದರು.
ಮಾಲಾ ನಂಜುಂಡಸ್ವಾಮಿ ನಿಧನ
ಚಾಮರಾಜನಗರ, ಜ.14– ತಾಲ್ಲೂಕಿನ ಬಸವಾಪುರ ಗ್ರಾಮದ ನಿವಾಸಿ ನಿವೃತ್ತ ಸಬ್‌ರಿಜಿಸ್ಟ್ರಾರ್ ನಂಜುಂಡಸ್ವಾಮಿ ಅವರ ಪತ್ನಿ ಮಾಲಾ ನಂಜುಂಡಸ್ವಾಮಿ(68) ಶುಕ್ರವಾರ ಅಲ್ಪಕಾಲದ ಅನಾರೋಗ್ಯದಿಂದ ನಿಧನರಾದರು. ಮೃತರು ಪತಿ, ಪುತ್ರ, ಪುತ್ರಿ ಹಾಗೂ ಅಪಾರ ಬಂಧು ಮಿತ್ರರನ್ನು ಅಗಲಿದ್ದಾರೆ. ಮೃತರ ಅಂತ್ಯಕ್ರಿಯೆ ಸ್ವಗ್ರಾಮದಲ್ಲಿ ನೆರವೇರಲಿದೆ ಎಂದು ಕುಟುಂಬದ ಮೂಲಗಳು ತಿಳಿಸಿವೆ.
